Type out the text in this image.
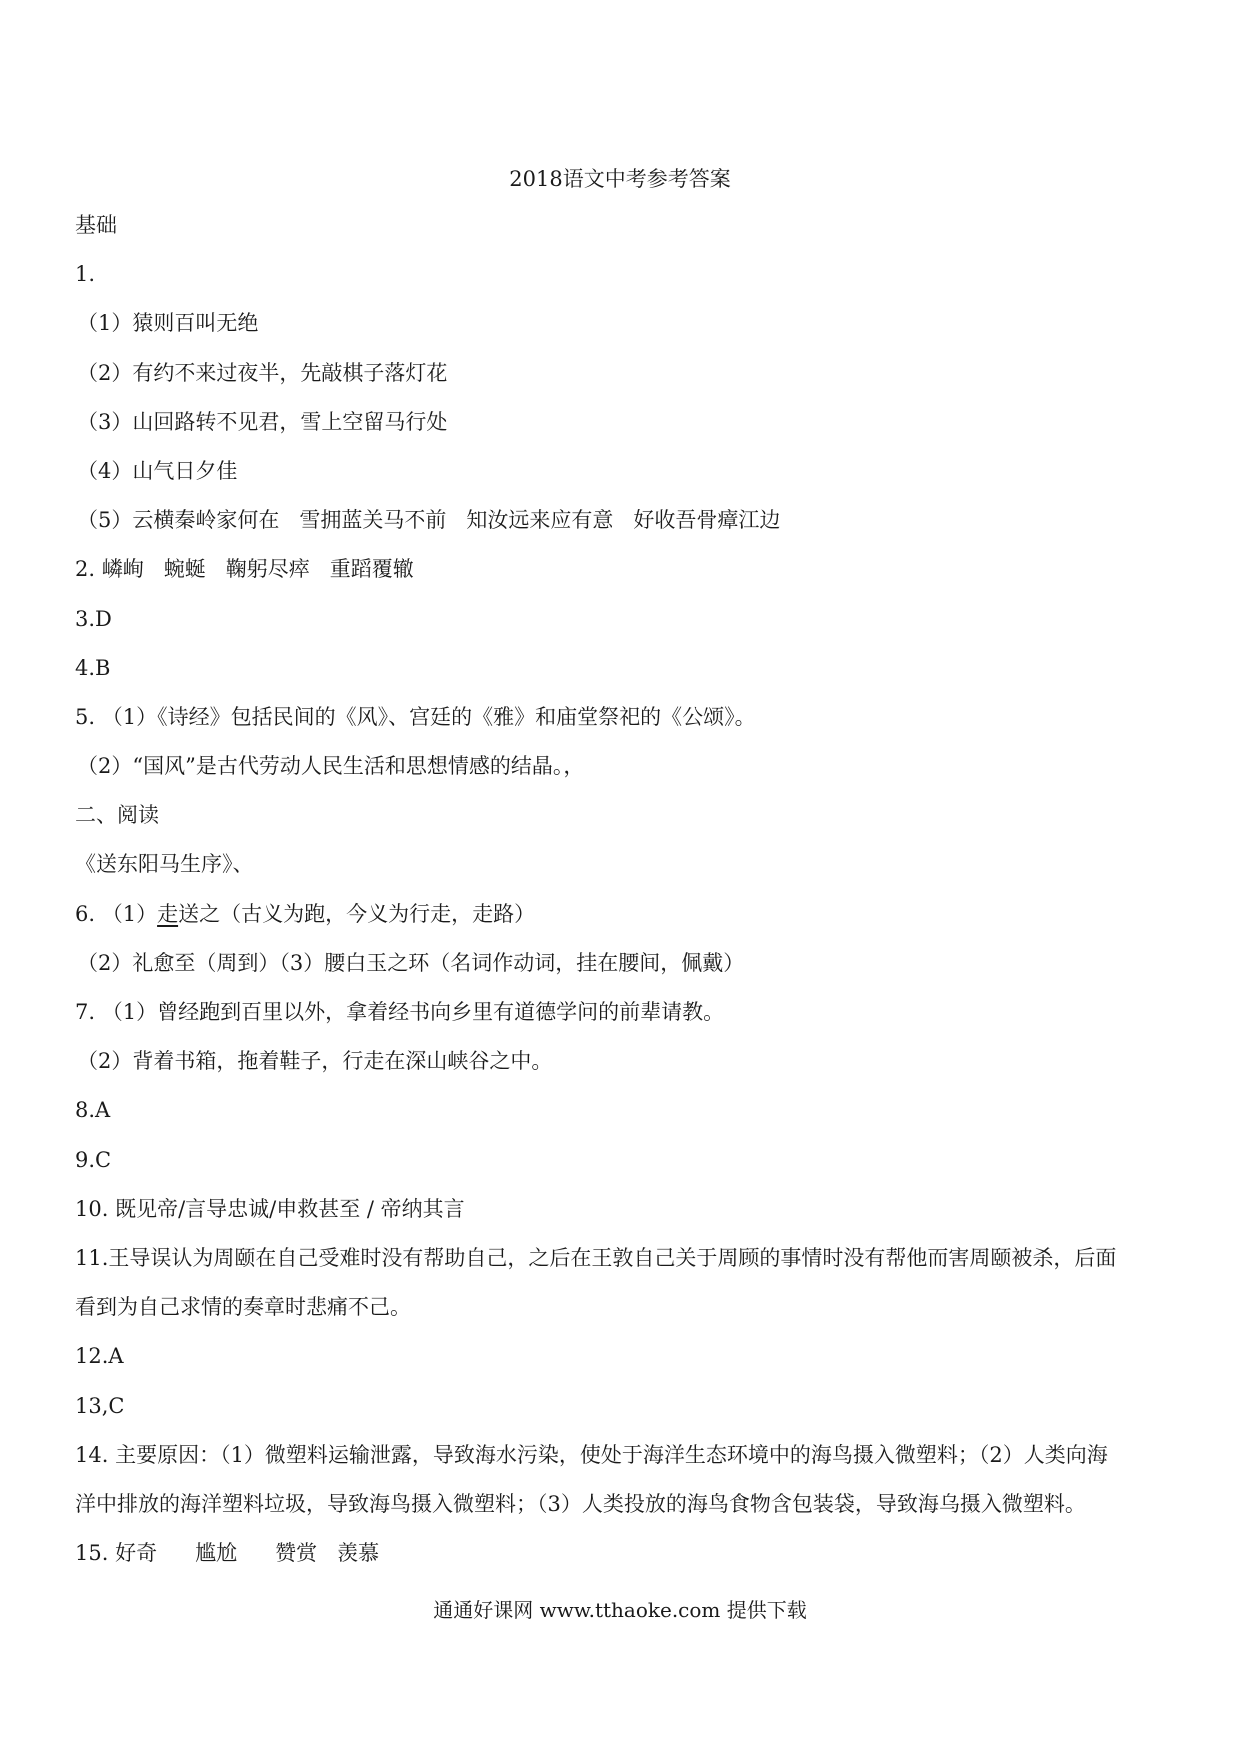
2018语文中考参考答案
基础
1.
（1）猿则百叫无绝
（2）有约不来过夜半，先敲棋子落灯花
（3）山回路转不见君，雪上空留马行处
（4）山气日夕佳
（5）云横秦岭家何在 雪拥蓝关马不前 知汝远来应有意 好收吾骨瘴江边
2. 嶙峋 蜿蜒 鞠躬尽瘁 重蹈覆辙
3.D
4.B
5. （1）《诗经》包括民间的《风》、宫廷的《雅》和庙堂祭祀的《公颂》。
（2）“国风”是古代劳动人民生活和思想情感的结晶。，
二、阅读
《送东阳马生序》、
6. （1）走送之（古义为跑，今义为行走，走路）
（2）礼愈至（周到）（3）腰白玉之环（名词作动词，挂在腰间，佩戴）
7. （1）曾经跑到百里以外，拿着经书向乡里有道德学问的前辈请教。
（2）背着书箱，拖着鞋子，行走在深山峡谷之中。
8.A
9.C
10. 既见帝/言导忠诚/申救甚至 / 帝纳其言
11.王导误认为周颐在自己受难时没有帮助自己，之后在王敦自己关于周顾的事情时没有帮他而害周颐被杀，后面
看到为自己求情的奏章时悲痛不己。
12.A
13,C
14. 主要原因：（1）微塑料运输泄露，导致海水污染，使处于海洋生态环境中的海鸟摄入微塑料；（2）人类向海
洋中排放的海洋塑料垃圾，导致海鸟摄入微塑料；（3）人类投放的海鸟食物含包装袋，导致海乌摄入微塑料。
15. 好奇 尴尬 赞赏 羡慕
通通好课网 www.tthaoke.com 提供下载
